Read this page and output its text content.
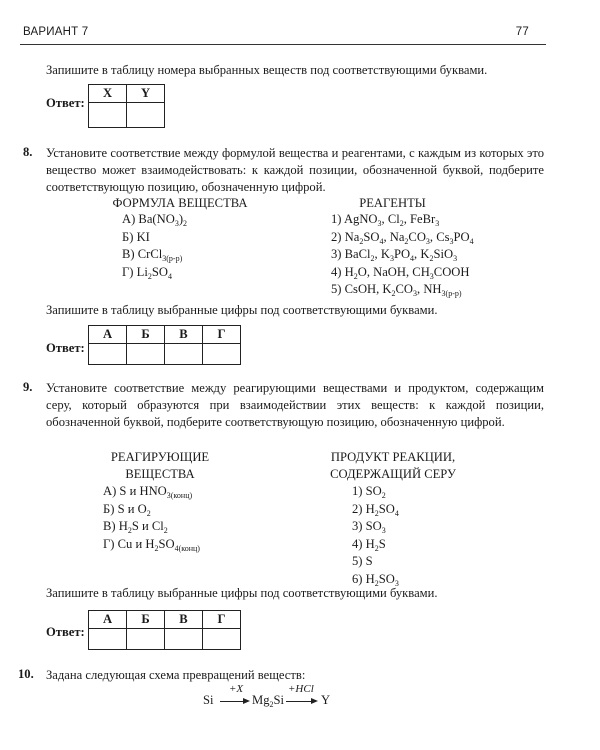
ВАРИАНТ 7	77
Запишите в таблицу номера выбранных веществ под соответствующими буквами.
Ответ:
X	Y

8. Установите соответствие между формулой вещества и реагентами, с каждым из которых это вещество может взаимодействовать: к каждой позиции, обозначенной буквой, подберите соответствующую позицию, обозначенную цифрой.
ФОРМУЛА ВЕЩЕСТВА	РЕАГЕНТЫ
А) $Ba(NO_3)_2$
Б) KI
В) CrCl$_{3(р-р)}$
Г) $Li_2SO_4$
1) AgNO$_3$, $Cl_2$, FeBr$_3$
2) $Na_2SO_4$, $Na_2CO_3$, $Cs_3PO_4$
3) BaCl$_2$, $K_3PO_4$, $K_2SiO_3$
4) $H_2O$, NaOH, $CH_3COOH$
5) CsOH, $K_2CO_3$, $NH_{3(р-р)}$
Запишите в таблицу выбранные цифры под соответствующими буквами.
Ответ:
А	Б	В	Г

9. Установите соответствие между реагирующими веществами и продуктом, содержащим серу, который образуются при взаимодействии этих веществ: к каждой позиции, обозначенной буквой, подберите соответствующую позицию, обозначенную цифрой.
РЕАГИРУЮЩИЕ
ВЕЩЕСТВА
ПРОДУКТ РЕАКЦИИ,
СОДЕРЖАЩИЙ СЕРУ
А) S и $HNO_{3(конц)}$
Б) S и $O_2$
В) $H_2S$ и $Cl_2$
Г) Cu и $H_2SO_{4(конц)}$
1) $SO_2$
2) $H_2SO_4$
3) $SO_3$
4) $H_2S$
5) S
6) $H_2SO_3$
Запишите в таблицу выбранные цифры под соответствующими буквами.
Ответ:
А	Б	В	Г

10. Задана следующая схема превращений веществ:
Si
+X
$Mg_2Si$
+HCl
Y
